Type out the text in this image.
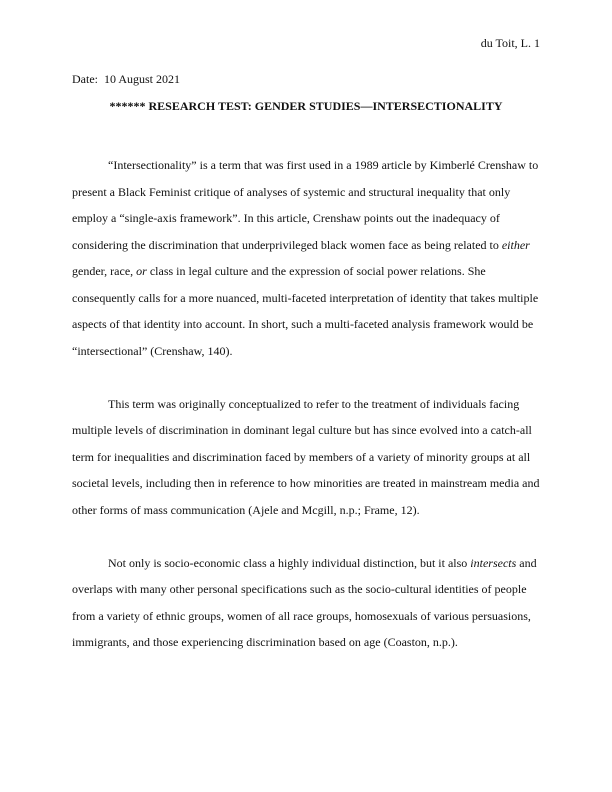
du Toit, L. 1
Date: 10 August 2021
****** RESEARCH TEST: GENDER STUDIES—INTERSECTIONALITY

“Intersectionality” is a term that was first used in a 1989 article by Kimberlé Crenshaw to present a Black Feminist critique of analyses of systemic and structural inequality that only employ a “single-axis framework”. In this article, Crenshaw points out the inadequacy of considering the discrimination that underprivileged black women face as being related to either gender, race, or class in legal culture and the expression of social power relations. She consequently calls for a more nuanced, multi-faceted interpretation of identity that takes multiple aspects of that identity into account. In short, such a multi-faceted analysis framework would be “intersectional” (Crenshaw, 140).

This term was originally conceptualized to refer to the treatment of individuals facing multiple levels of discrimination in dominant legal culture but has since evolved into a catch-all term for inequalities and discrimination faced by members of a variety of minority groups at all societal levels, including then in reference to how minorities are treated in mainstream media and other forms of mass communication (Ajele and Mcgill, n.p.; Frame, 12).

Not only is socio-economic class a highly individual distinction, but it also intersects and overlaps with many other personal specifications such as the socio-cultural identities of people from a variety of ethnic groups, women of all race groups, homosexuals of various persuasions, immigrants, and those experiencing discrimination based on age (Coaston, n.p.).
